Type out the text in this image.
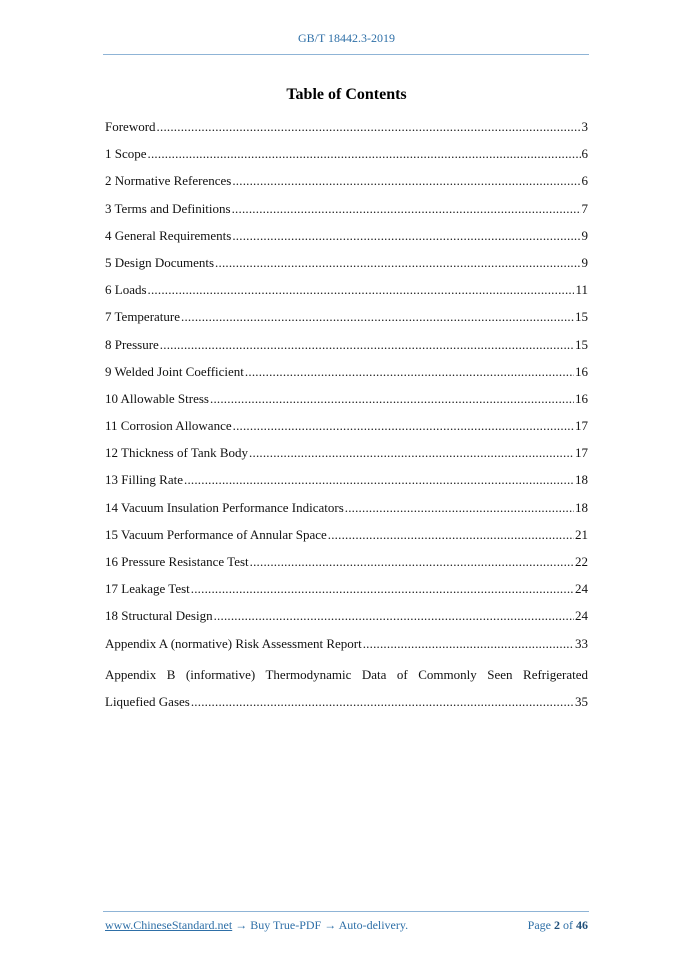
GB/T 18442.3-2019
Table of Contents
Foreword .....	3
1 Scope .....	6
2 Normative References .....	6
3 Terms and Definitions .....	7
4 General Requirements .....	9
5 Design Documents .....	9
6 Loads .....	11
7 Temperature .....	15
8 Pressure .....	15
9 Welded Joint Coefficient .....	16
10 Allowable Stress .....	16
11 Corrosion Allowance .....	17
12 Thickness of Tank Body .....	17
13 Filling Rate .....	18
14 Vacuum Insulation Performance Indicators .....	18
15 Vacuum Performance of Annular Space .....	21
16 Pressure Resistance Test .....	22
17 Leakage Test .....	24
18 Structural Design .....	24
Appendix A (normative) Risk Assessment Report .....	33
Appendix B (informative) Thermodynamic Data of Commonly Seen Refrigerated
Liquefied Gases .....	35
www.ChineseStandard.net → Buy True-PDF → Auto-delivery.	Page 2 of 46
